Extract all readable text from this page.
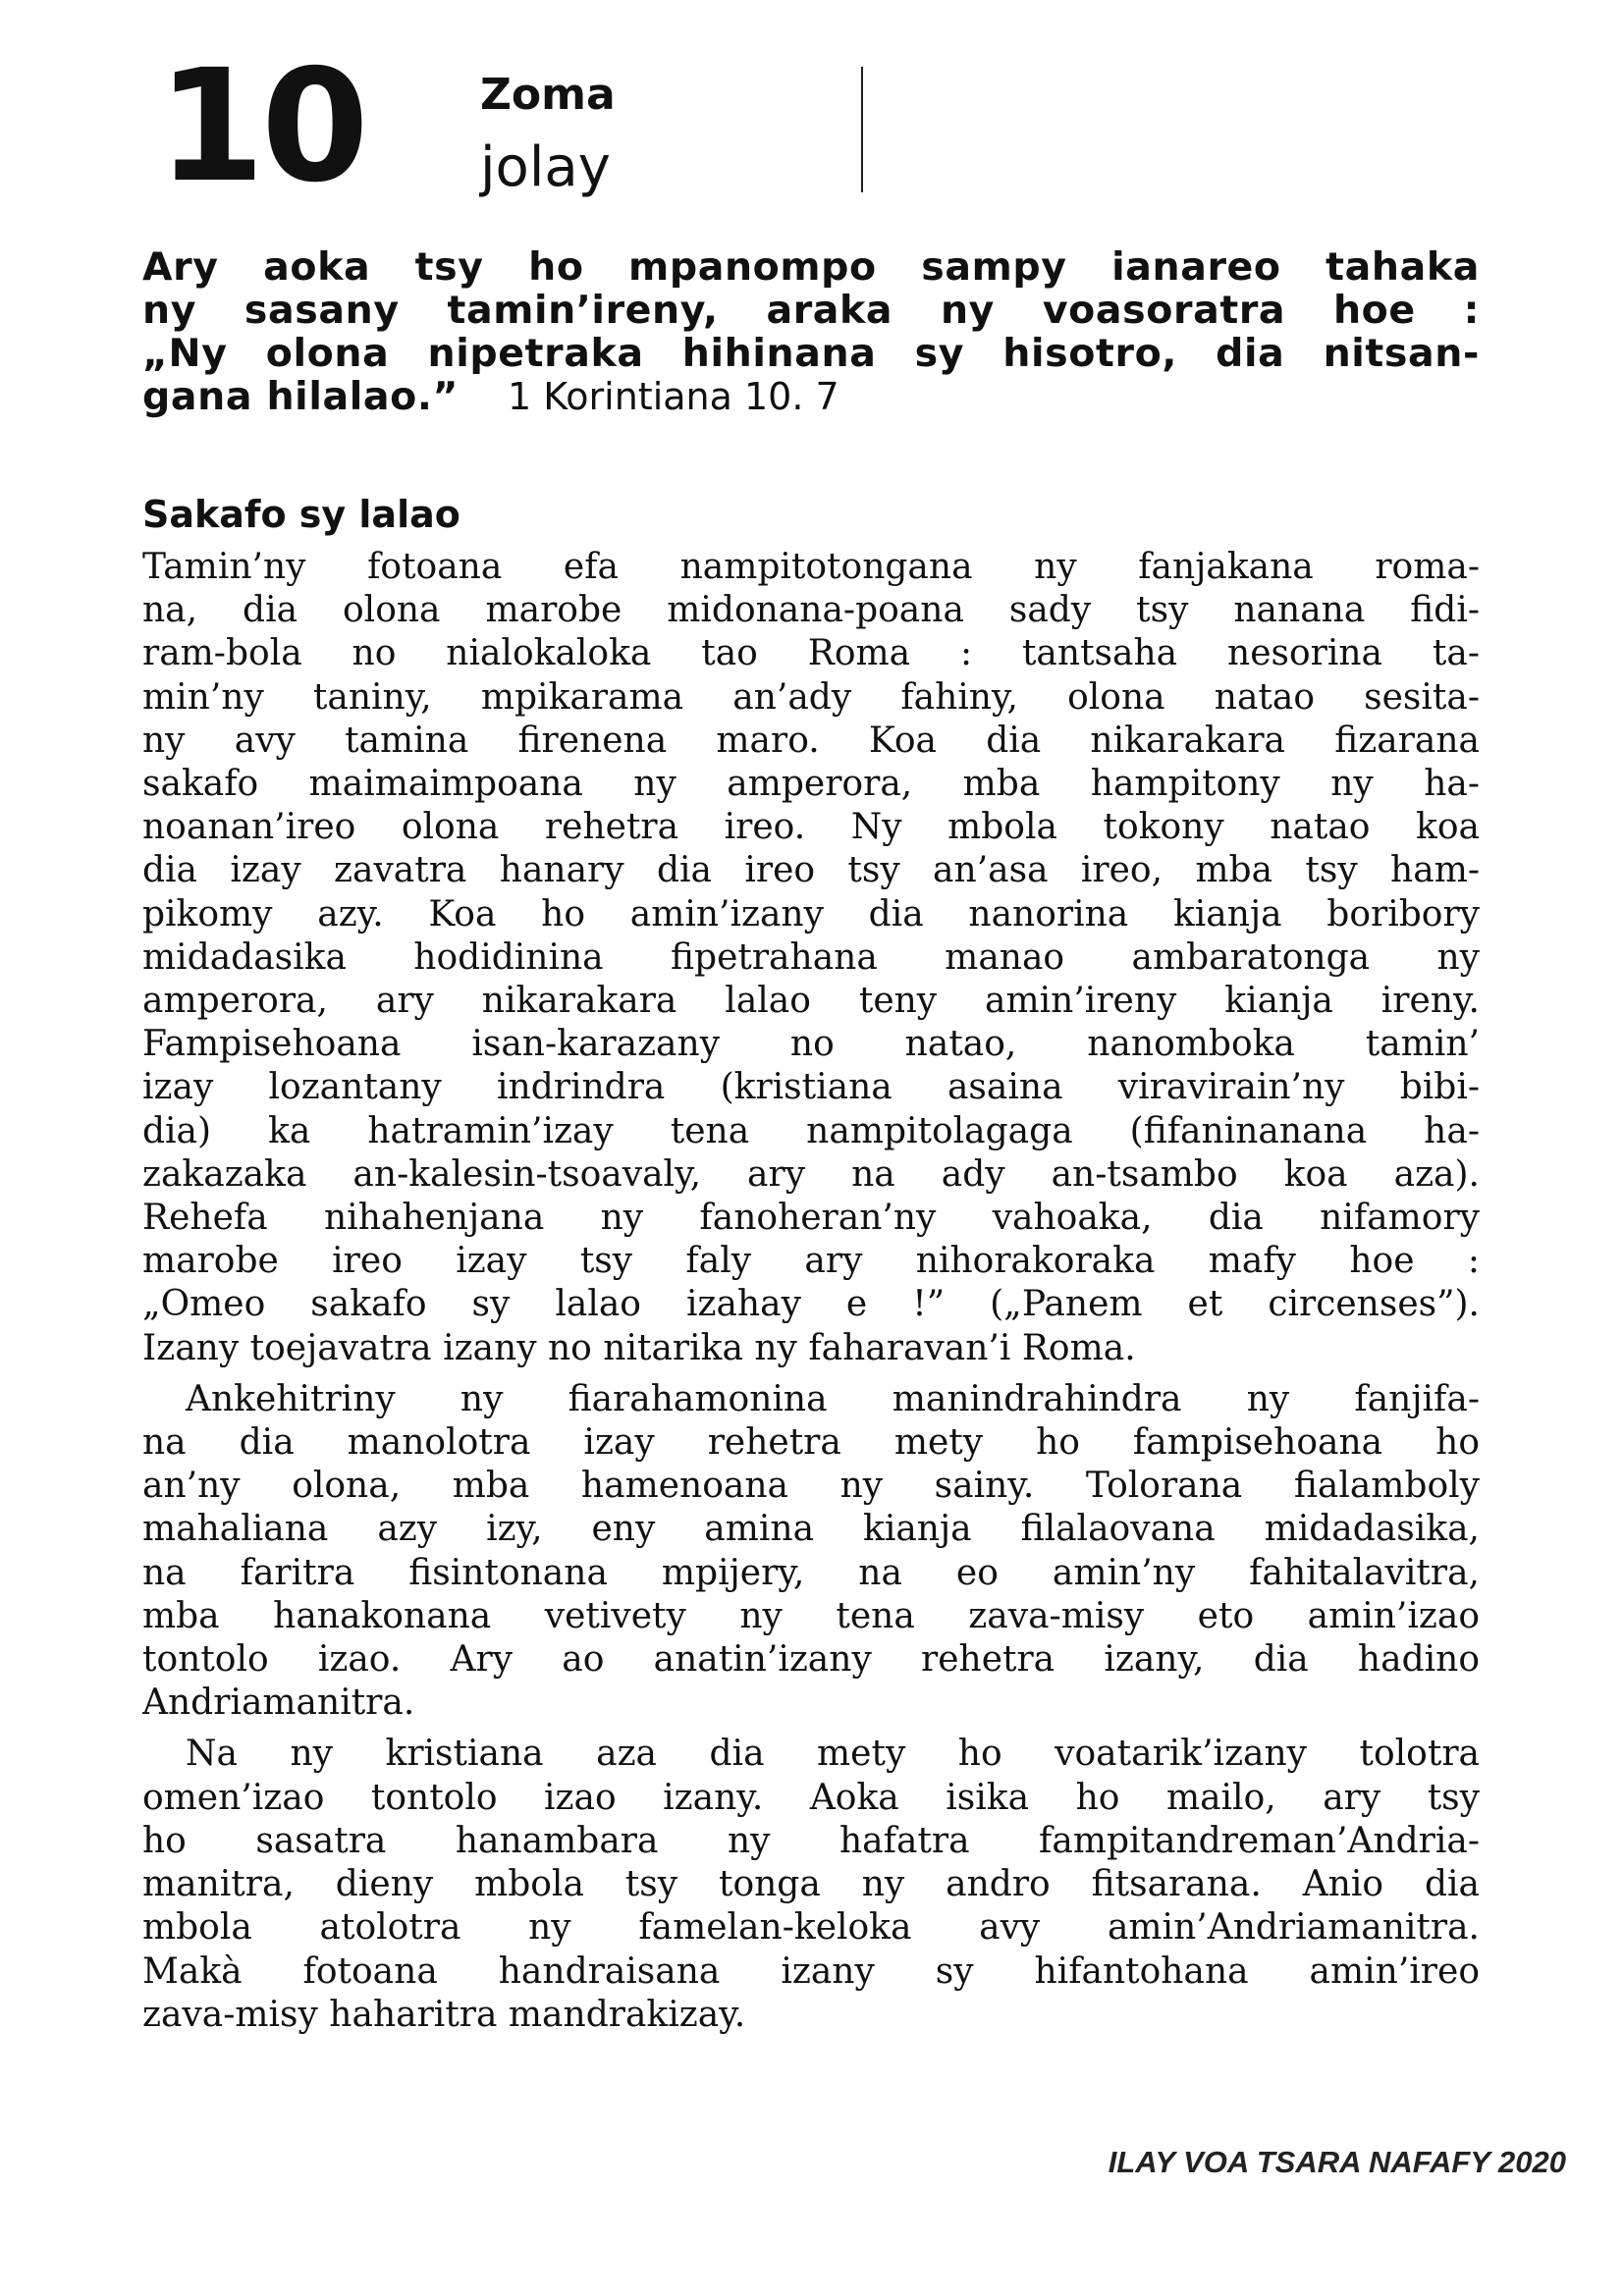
10	Zoma
jolay
Ary aoka tsy ho mpanompo sampy ianareo tahaka
ny sasany tamin’ireny, araka ny voasoratra hoe :
„Ny olona nipetraka hihinana sy hisotro, dia nitsan-
gana hilalao.” 1 Korintiana 10. 7
Sakafo sy lalao
Tamin’ny fotoana efa nampitotongana ny fanjakana roma-
na, dia olona marobe midonana-poana sady tsy nanana fidi-
ram-bola no nialokaloka tao Roma : tantsaha nesorina ta-
min’ny taniny, mpikarama an’ady fahiny, olona natao sesita-
ny avy tamina firenena maro. Koa dia nikarakara fizarana
sakafo maimaimpoana ny amperora, mba hampitony ny ha-
noanan’ireo olona rehetra ireo. Ny mbola tokony natao koa
dia izay zavatra hanary dia ireo tsy an’asa ireo, mba tsy ham-
pikomy azy. Koa ho amin’izany dia nanorina kianja boribory
midadasika hodidinina fipetrahana manao ambaratonga ny
amperora, ary nikarakara lalao teny amin’ireny kianja ireny.
Fampisehoana isan-karazany no natao, nanomboka tamin’
izay lozantany indrindra (kristiana asaina viravirain’ny bibi-
dia) ka hatramin’izay tena nampitolagaga (fifaninanana ha-
zakazaka an-kalesin-tsoavaly, ary na ady an-tsambo koa aza).
Rehefa nihahenjana ny fanoheran’ny vahoaka, dia nifamory
marobe ireo izay tsy faly ary nihorakoraka mafy hoe :
„Omeo sakafo sy lalao izahay e !” („Panem et circenses”).
Izany toejavatra izany no nitarika ny faharavan’i Roma.
Ankehitriny ny fiarahamonina manindrahindra ny fanjifa-
na dia manolotra izay rehetra mety ho fampisehoana ho
an’ny olona, mba hamenoana ny sainy. Tolorana fialamboly
mahaliana azy izy, eny amina kianja filalaovana midadasika,
na faritra fisintonana mpijery, na eo amin’ny fahitalavitra,
mba hanakonana vetivety ny tena zava-misy eto amin’izao
tontolo izao. Ary ao anatin’izany rehetra izany, dia hadino
Andriamanitra.
Na ny kristiana aza dia mety ho voatarik’izany tolotra
omen’izao tontolo izao izany. Aoka isika ho mailo, ary tsy
ho sasatra hanambara ny hafatra fampitandreman’Andria-
manitra, dieny mbola tsy tonga ny andro fitsarana. Anio dia
mbola atolotra ny famelan-keloka avy amin’Andriamanitra.
Makà fotoana handraisana izany sy hifantohana amin’ireo
zava-misy haharitra mandrakizay.
ILAY VOA TSARA NAFAFY 2020
